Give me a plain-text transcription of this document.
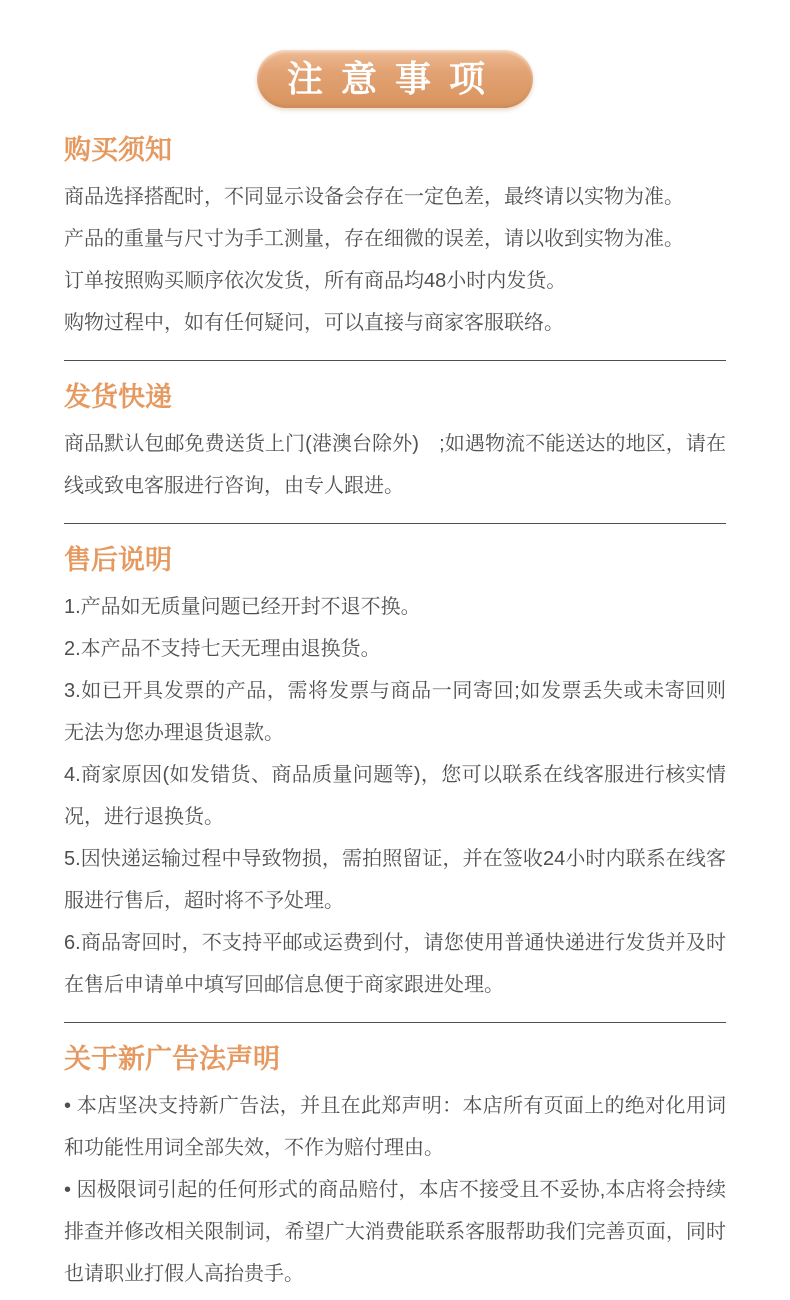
注意事项
购买须知

商品选择搭配时，不同显示设备会存在一定色差，最终请以实物为准。

产品的重量与尺寸为手工测量，存在细微的误差，请以收到实物为准。

订单按照购买顺序依次发货，所有商品均48小时内发货。

购物过程中，如有任何疑问，可以直接与商家客服联络。

发货快递

商品默认包邮免费送货上门(港澳台除外)　;如遇物流不能送达的地区，请在线或致电客服进行咨询，由专人跟进。

售后说明

1.产品如无质量问题已经开封不退不换。

2.本产品不支持七天无理由退换货。

3.如已开具发票的产品，需将发票与商品一同寄回;如发票丢失或未寄回则无法为您办理退货退款。

4.商家原因(如发错货、商品质量问题等)，您可以联系在线客服进行核实情况，进行退换货。

5.因快递运输过程中导致物损，需拍照留证，并在签收24小时内联系在线客服进行售后，超时将不予处理。

6.商品寄回时，不支持平邮或运费到付，请您使用普通快递进行发货并及时在售后申请单中填写回邮信息便于商家跟进处理。

关于新广告法声明

• 本店坚决支持新广告法，并且在此郑声明：本店所有页面上的绝对化用词和功能性用词全部失效，不作为赔付理由。

• 因极限词引起的任何形式的商品赔付，本店不接受且不妥协,本店将会持续排查并修改相关限制词，希望广大消费能联系客服帮助我们完善页面，同时也请职业打假人高抬贵手。
